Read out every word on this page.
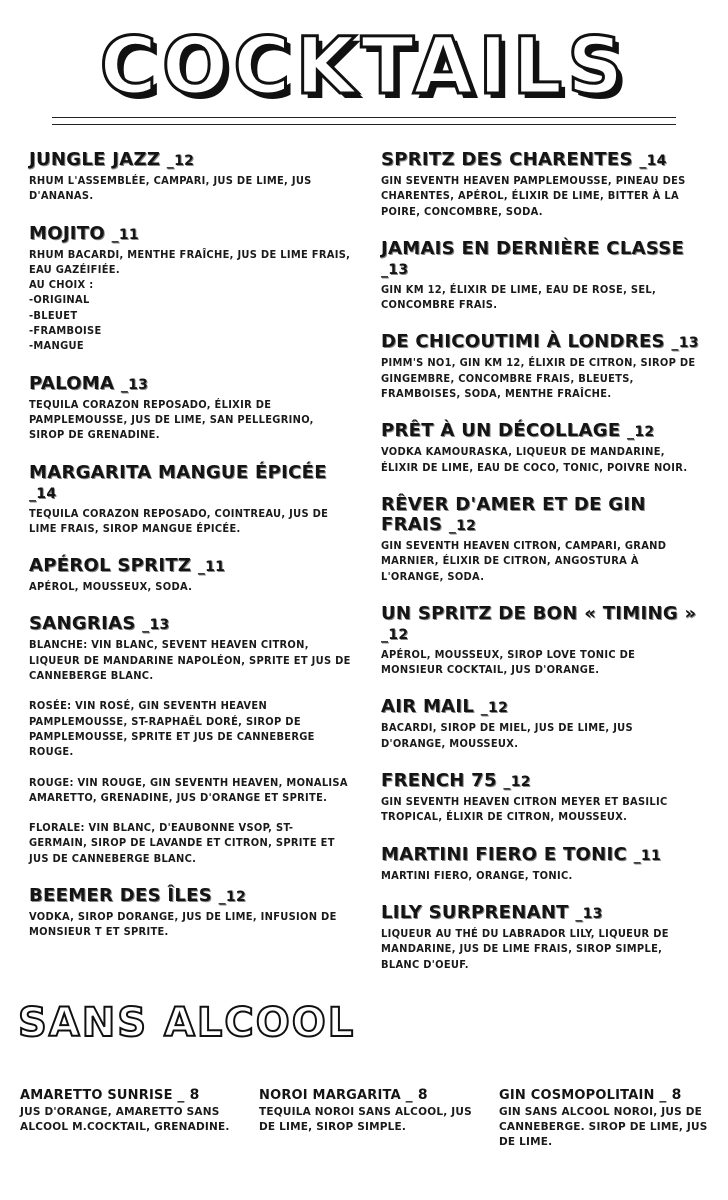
COCKTAILS
JUNGLE JAZZ _12
RHUM L'ASSEMBLÉE, CAMPARI, JUS DE LIME, JUS D'ANANAS.
MOJITO _11
RHUM BACARDI, MENTHE FRAÎCHE, JUS DE LIME FRAIS, EAU GAZÉIFIÉE.
AU CHOIX :
-ORIGINAL
-BLEUET
-FRAMBOISE
-MANGUE
PALOMA _13
TEQUILA CORAZON REPOSADO, ÉLIXIR DE PAMPLEMOUSSE, JUS DE LIME, SAN PELLEGRINO, SIROP DE GRENADINE.
MARGARITA MANGUE ÉPICÉE _14
TEQUILA CORAZON REPOSADO, COINTREAU, JUS DE LIME FRAIS, SIROP MANGUE ÉPICÉE.
APÉROL SPRITZ _11
APÉROL, MOUSSEUX, SODA.
SANGRIAS _13
BLANCHE: VIN BLANC, SEVENT HEAVEN CITRON, LIQUEUR DE MANDARINE NAPOLÉON, SPRITE ET JUS DE CANNEBERGE BLANC.
ROSÉE: VIN ROSÉ, GIN SEVENTH HEAVEN PAMPLEMOUSSE, ST-RAPHAËL DORÉ, SIROP DE PAMPLEMOUSSE, SPRITE ET JUS DE CANNEBERGE ROUGE.
ROUGE: VIN ROUGE, GIN SEVENTH HEAVEN, MONALISA AMARETTO, GRENADINE, JUS D'ORANGE ET SPRITE.
FLORALE: VIN BLANC, D'EAUBONNE VSOP, ST-GERMAIN, SIROP DE LAVANDE ET CITRON, SPRITE ET JUS DE CANNEBERGE BLANC.
BEEMER DES ÎLES _12
VODKA, SIROP DORANGE, JUS DE LIME, INFUSION DE MONSIEUR T ET SPRITE.
SPRITZ DES CHARENTES _14
GIN SEVENTH HEAVEN PAMPLEMOUSSE, PINEAU DES CHARENTES, APÉROL, ÉLIXIR DE LIME, BITTER À LA POIRE, CONCOMBRE, SODA.
JAMAIS EN DERNIÈRE CLASSE _13
GIN KM 12, ÉLIXIR DE LIME, EAU DE ROSE, SEL, CONCOMBRE FRAIS.
DE CHICOUTIMI À LONDRES _13
PIMM'S NO1, GIN KM 12, ÉLIXIR DE CITRON, SIROP DE GINGEMBRE, CONCOMBRE FRAIS, BLEUETS, FRAMBOISES, SODA, MENTHE FRAÎCHE.
PRÊT À UN DÉCOLLAGE _12
VODKA KAMOURASKA, LIQUEUR DE MANDARINE, ÉLIXIR DE LIME, EAU DE COCO, TONIC, POIVRE NOIR.
RÊVER D'AMER ET DE GIN FRAIS _12
GIN SEVENTH HEAVEN CITRON, CAMPARI, GRAND MARNIER, ÉLIXIR DE CITRON, ANGOSTURA À L'ORANGE, SODA.
UN SPRITZ DE BON « TIMING » _12
APÉROL, MOUSSEUX, SIROP LOVE TONIC DE MONSIEUR COCKTAIL, JUS D'ORANGE.
AIR MAIL _12
BACARDI, SIROP DE MIEL, JUS DE LIME, JUS D'ORANGE, MOUSSEUX.
FRENCH 75 _12
GIN SEVENTH HEAVEN CITRON MEYER ET BASILIC TROPICAL, ÉLIXIR DE CITRON, MOUSSEUX.
MARTINI FIERO E TONIC _11
MARTINI FIERO, ORANGE, TONIC.
LILY SURPRENANT _13
LIQUEUR AU THÉ DU LABRADOR LILY, LIQUEUR DE MANDARINE, JUS DE LIME FRAIS, SIROP SIMPLE, BLANC D'OEUF.
SANS ALCOOL
AMARETTO SUNRISE _ 8
JUS D'ORANGE, AMARETTO SANS ALCOOL M.COCKTAIL, GRENADINE.
NOROI MARGARITA _ 8
TEQUILA NOROI SANS ALCOOL, JUS DE LIME, SIROP SIMPLE.
GIN COSMOPOLITAIN _ 8
GIN SANS ALCOOL NOROI, JUS DE CANNEBERGE. SIROP DE LIME, JUS DE LIME.
